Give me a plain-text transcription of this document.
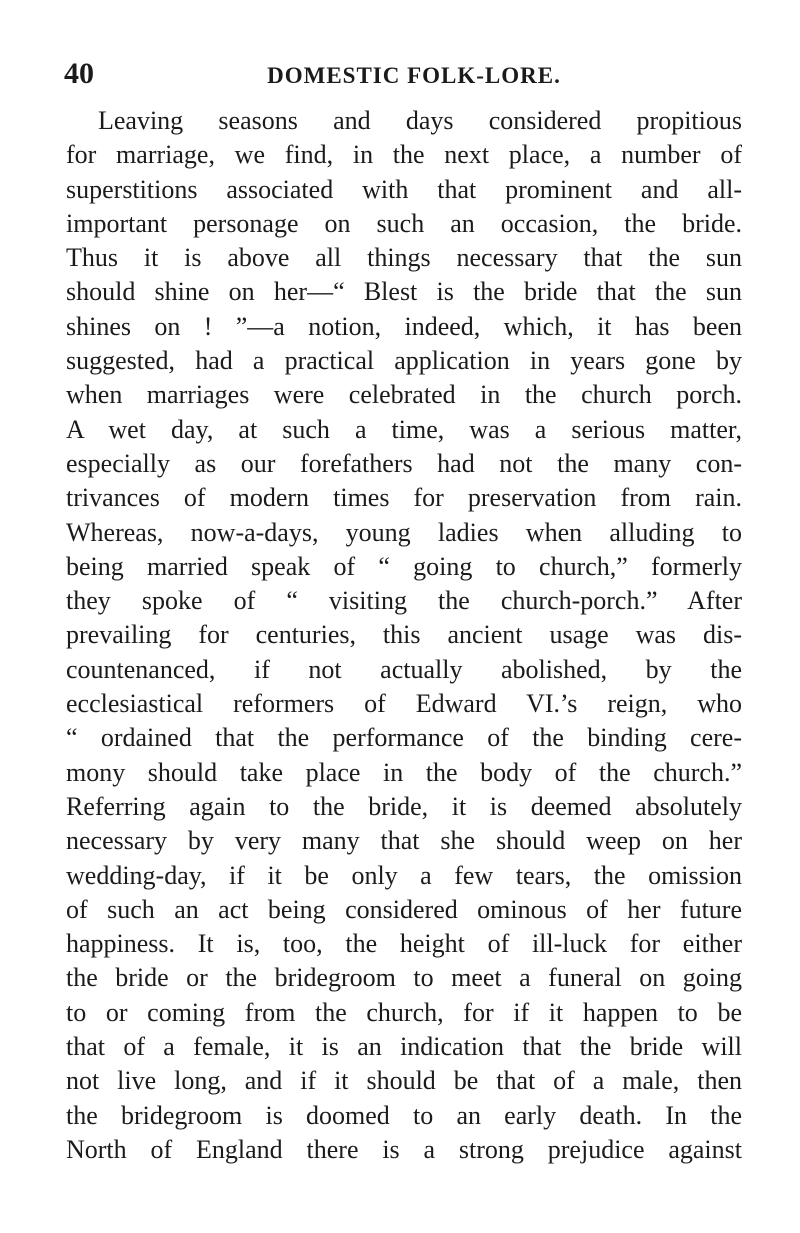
40	DOMESTIC FOLK-LORE.
Leaving seasons and days considered propitious
for marriage, we find, in the next place, a number of
superstitions associated with that prominent and all-
important personage on such an occasion, the bride.
Thus it is above all things necessary that the sun
should shine on her—“ Blest is the bride that the sun
shines on ! ”—a notion, indeed, which, it has been
suggested, had a practical application in years gone by
when marriages were celebrated in the church porch.
A wet day, at such a time, was a serious matter,
especially as our forefathers had not the many con-
trivances of modern times for preservation from rain.
Whereas, now-a-days, young ladies when alluding to
being married speak of “ going to church,” formerly
they spoke of “ visiting the church-porch.” After
prevailing for centuries, this ancient usage was dis-
countenanced, if not actually abolished, by the
ecclesiastical reformers of Edward VI.’s reign, who
“ ordained that the performance of the binding cere-
mony should take place in the body of the church.”
Referring again to the bride, it is deemed absolutely
necessary by very many that she should weep on her
wedding-day, if it be only a few tears, the omission
of such an act being considered ominous of her future
happiness. It is, too, the height of ill-luck for either
the bride or the bridegroom to meet a funeral on going
to or coming from the church, for if it happen to be
that of a female, it is an indication that the bride will
not live long, and if it should be that of a male, then
the bridegroom is doomed to an early death. In the
North of England there is a strong prejudice against
